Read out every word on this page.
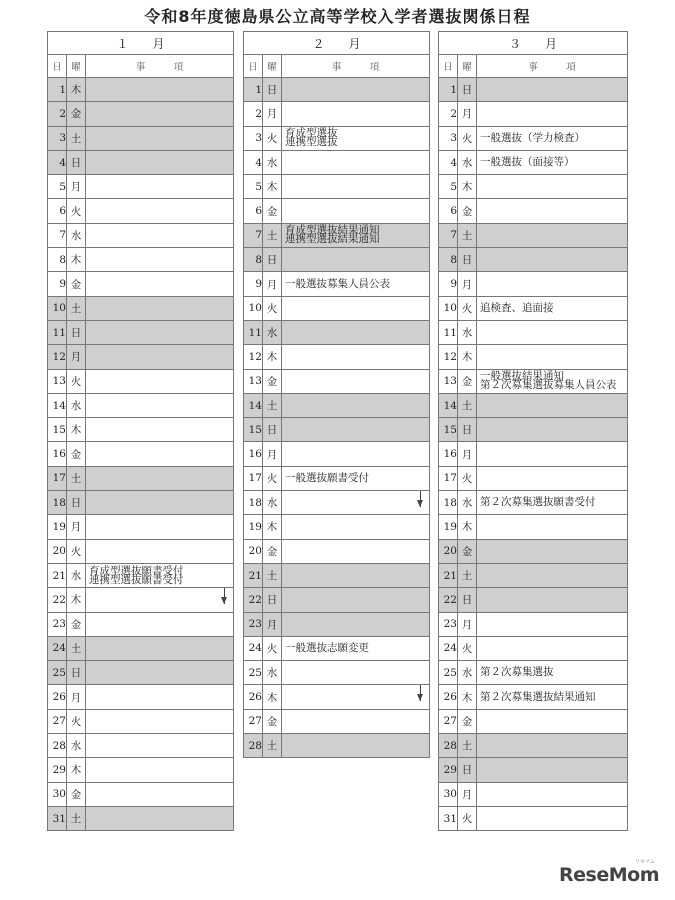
令和8年度徳島県公立高等学校入学者選抜関係日程
１　　月		
日	曜	事　　　項
1	木	
2	金	
3	土	
4	日	
5	月	
6	火	
7	水	
8	木	
9	金	
10	土	
11	日	
12	月	
13	火	
14	水	
15	木	
16	金	
17	土	
18	日	
19	月	
20	火	
21	水	育成型選抜願書受付
連携型選抜願書受付

22	木	

23	金	
24	土	
25	日	
26	月	
27	火	
28	水	
29	木	
30	金	
31	土	
２　　月		
日	曜	事　　　項
1	日	
2	月	
3	火	育成型選抜
連携型選抜

4	水	
5	木	
6	金	
7	土	育成型選抜結果通知
連携型選抜結果通知

8	日	
9	月	一般選抜募集人員公表

10	火	
11	水	
12	木	
13	金	
14	土	
15	日	
16	月	
17	火	一般選抜願書受付

18	水	

19	木	
20	金	
21	土	
22	日	
23	月	
24	火	一般選抜志願変更

25	水	
26	木	

27	金	
28	土	
３　　月		
日	曜	事　　　項
1	日	
2	月	
3	火	一般選抜（学力検査）

4	水	一般選抜（面接等）

5	木	
6	金	
7	土	
8	日	
9	月	
10	火	追検査、追面接

11	水	
12	木	
13	金	一般選抜結果通知
第２次募集選抜募集人員公表

14	土	
15	日	
16	月	
17	火	
18	水	第２次募集選抜願書受付

19	木	
20	金	
21	土	
22	日	
23	月	
24	火	
25	水	第２次募集選抜

26	木	第２次募集選抜結果通知

27	金	
28	土	
29	日	
30	月	
31	火	
リセマム
ReseMom
